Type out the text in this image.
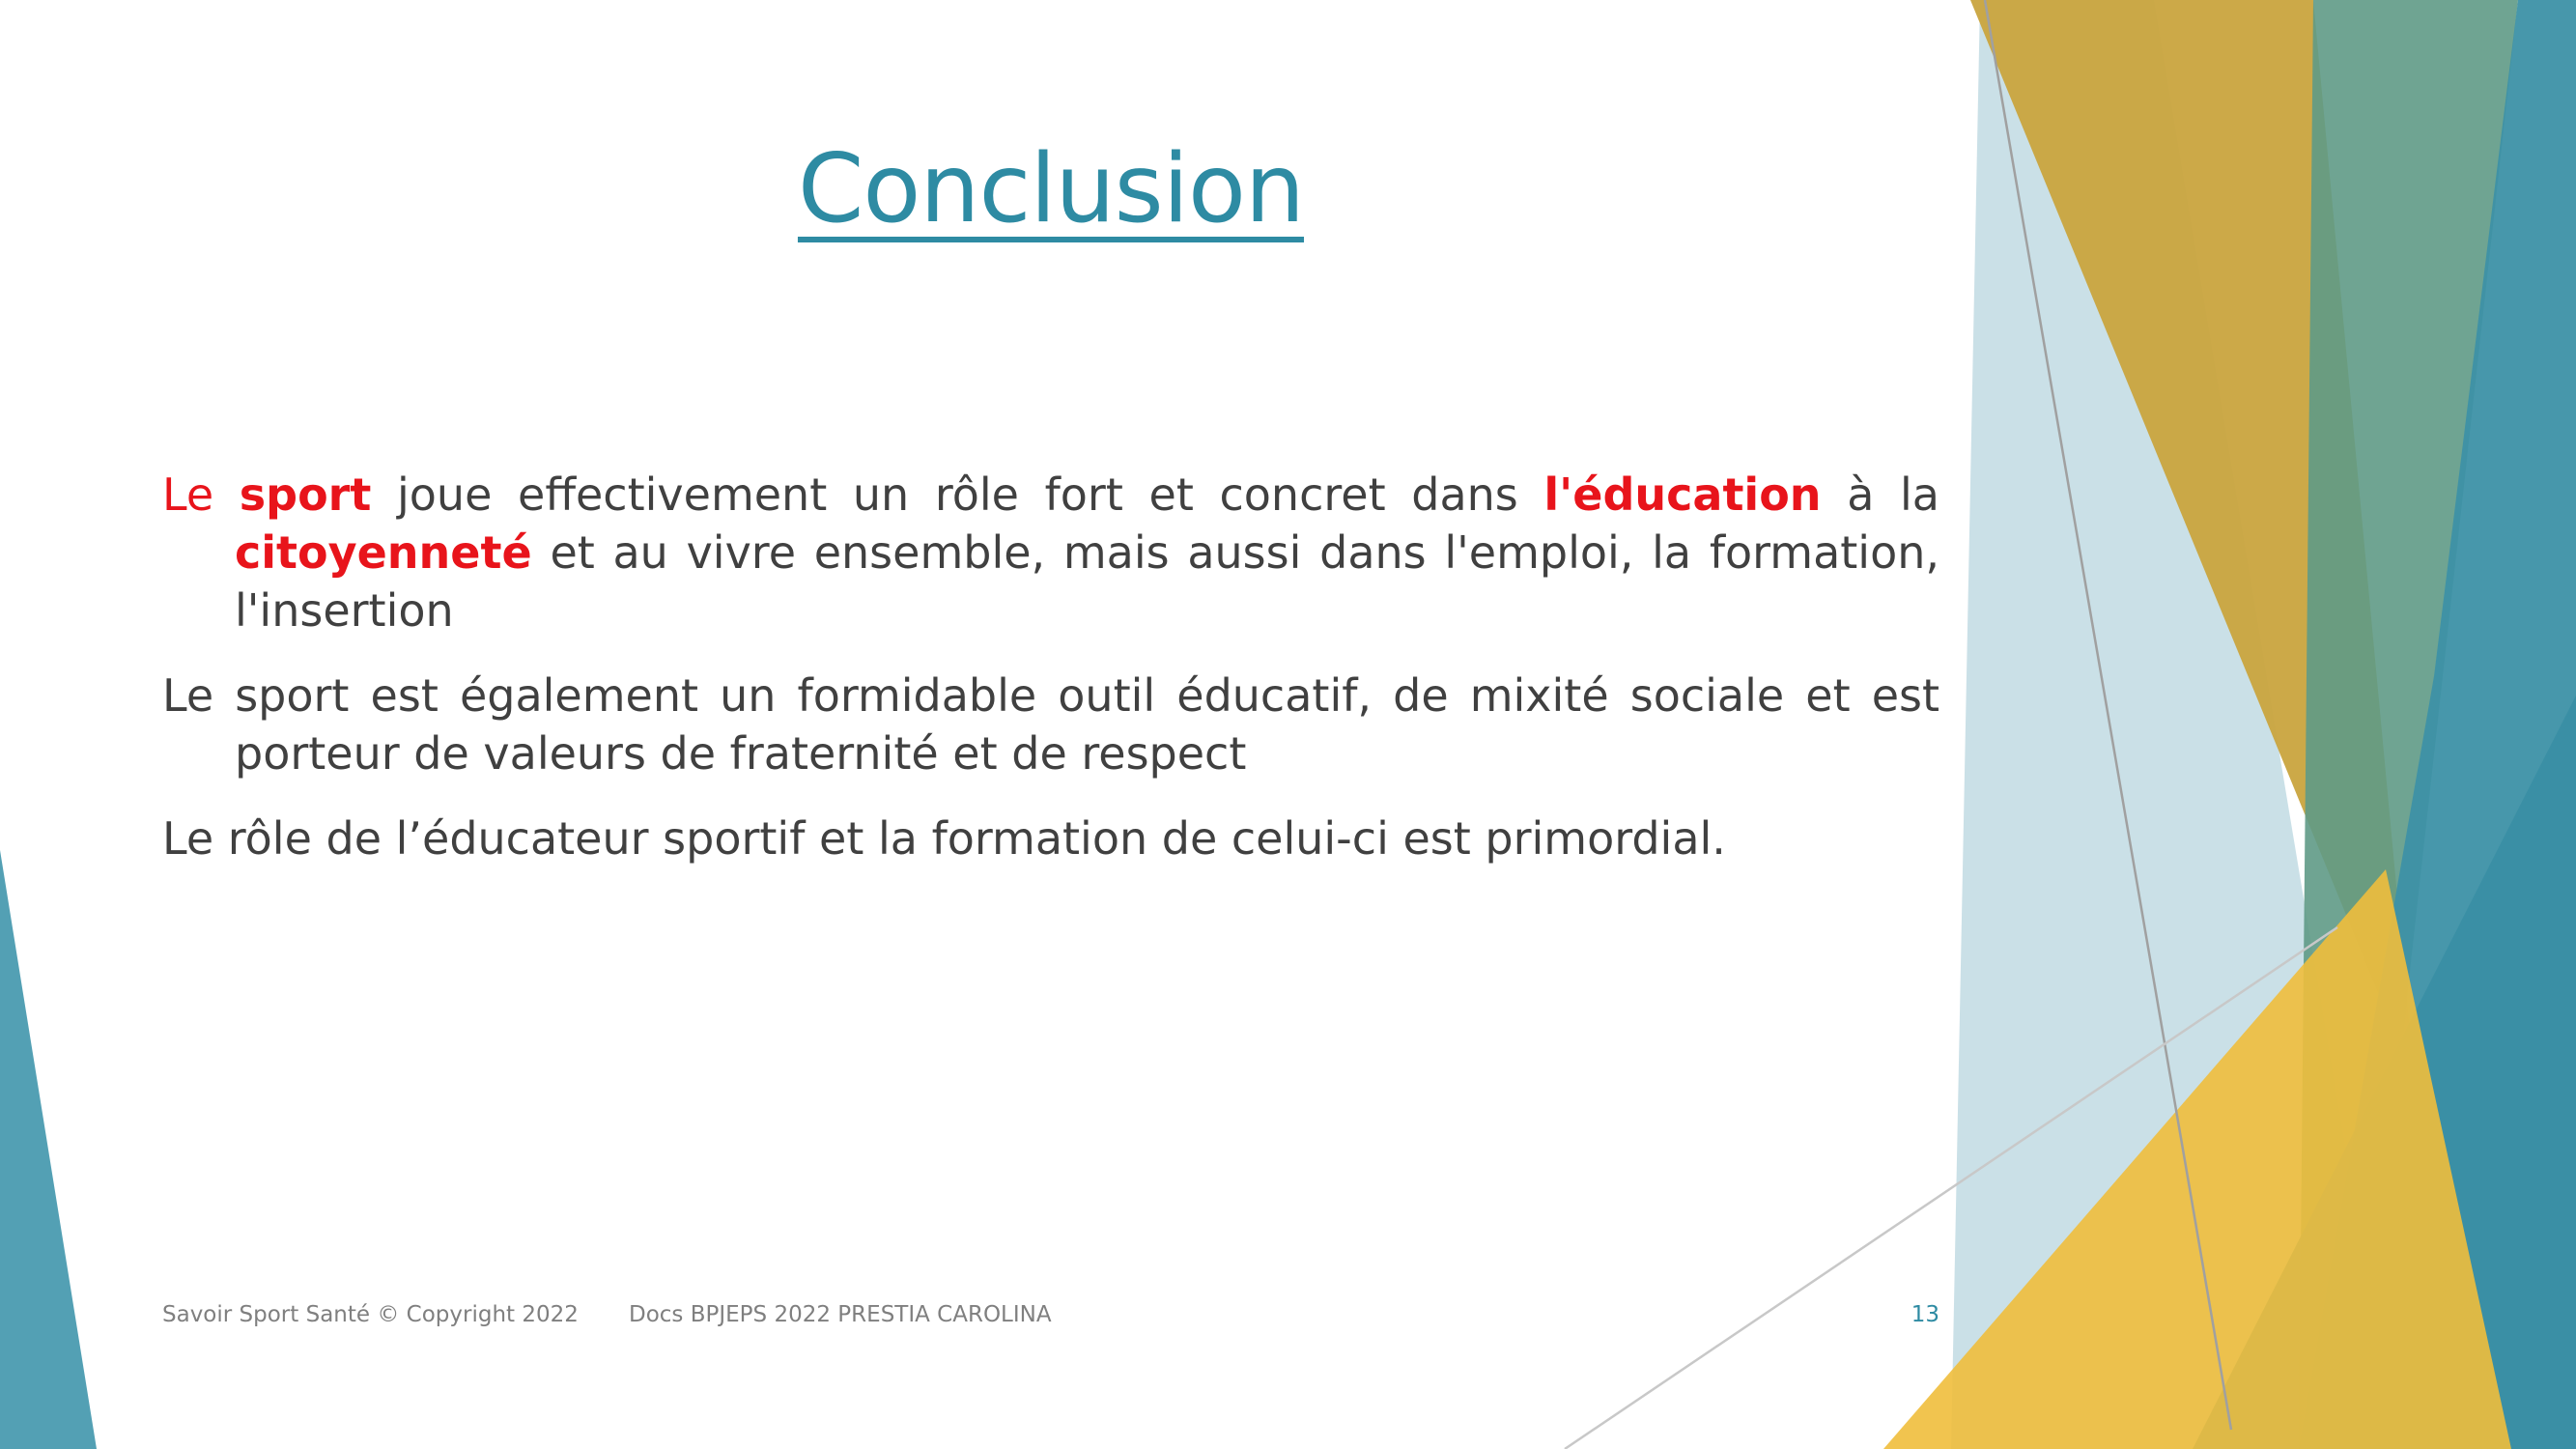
Conclusion

Le sport joue effectivement un rôle fort et concret dans l'éducation à la citoyenneté et au vivre ensemble, mais aussi dans l'emploi, la formation, l'insertion

Le sport est également un formidable outil éducatif, de mixité sociale et est porteur de valeurs de fraternité et de respect

Le rôle de l’éducateur sportif et la formation de celui-ci est primordial.

Savoir Sport Santé © Copyright 2022 Docs BPJEPS 2022 PRESTIA CAROLINA	13
